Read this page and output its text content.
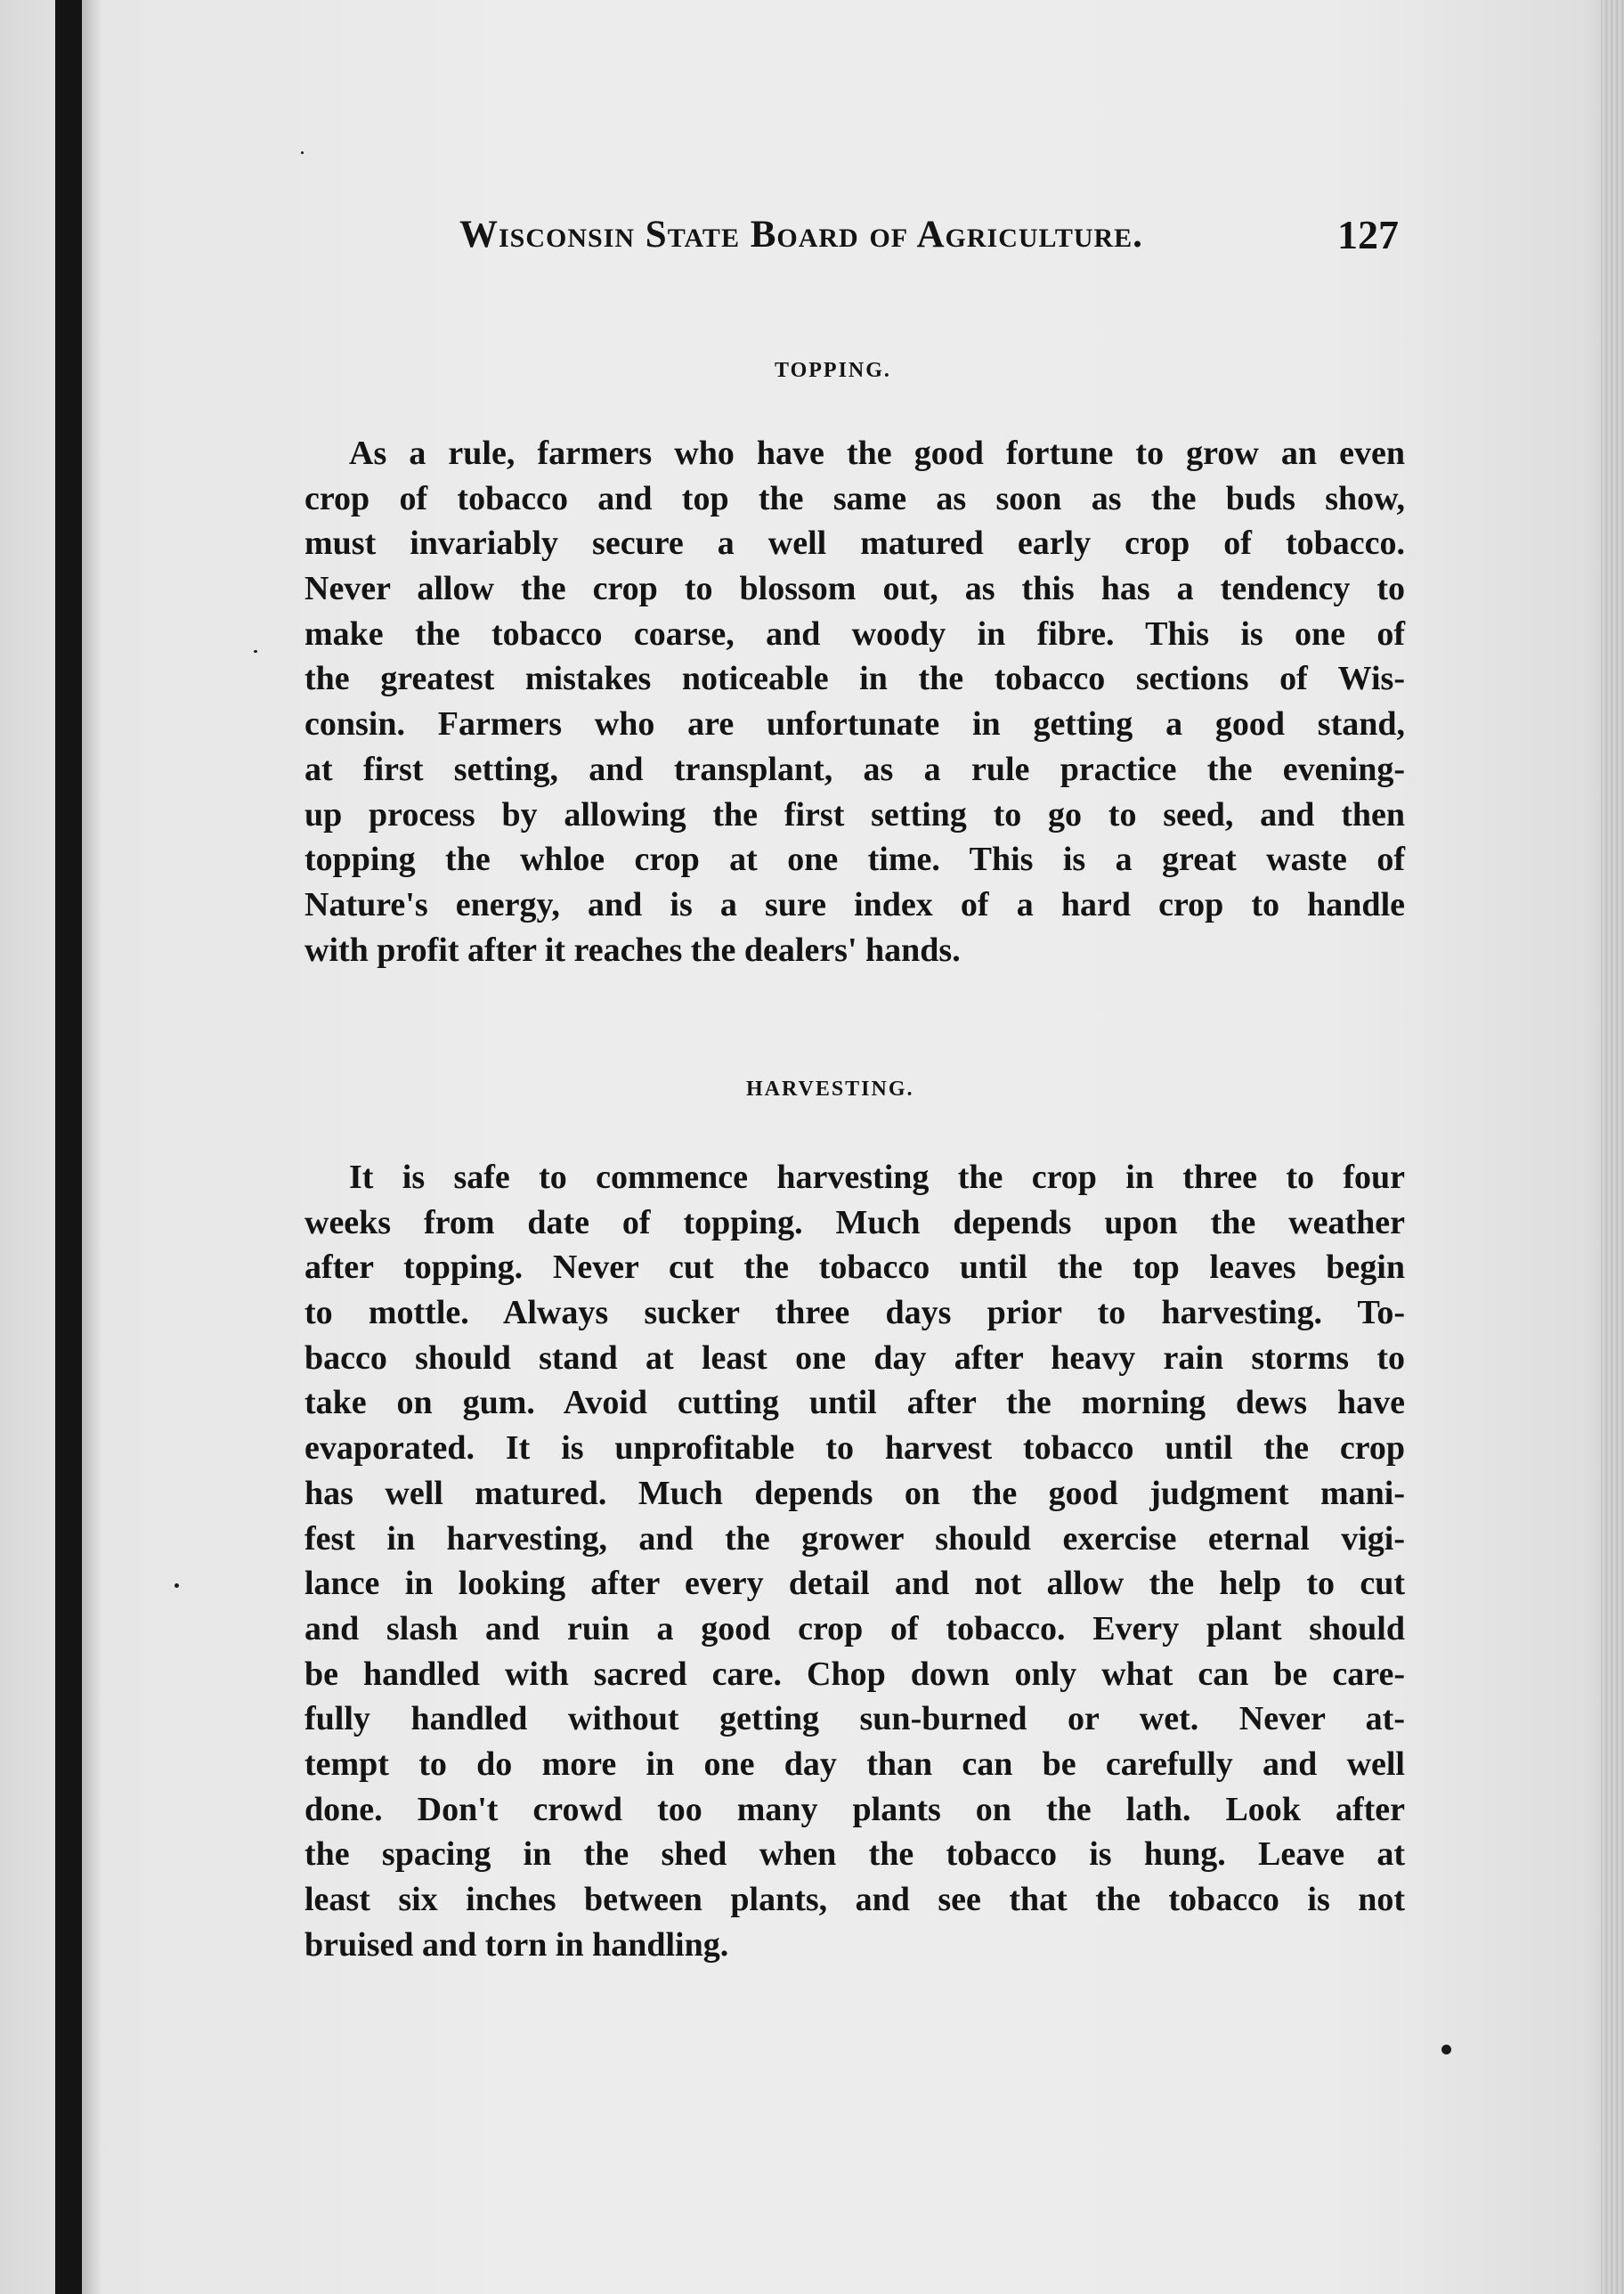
Wisconsin State Board of Agriculture.	127
TOPPING.
As a rule, farmers who have the good fortune to grow an even
crop of tobacco and top the same as soon as the buds show,
must invariably secure a well matured early crop of tobacco.
Never allow the crop to blossom out, as this has a tendency to
make the tobacco coarse, and woody in fibre. This is one of
the greatest mistakes noticeable in the tobacco sections of Wis-
consin. Farmers who are unfortunate in getting a good stand,
at first setting, and transplant, as a rule practice the evening-
up process by allowing the first setting to go to seed, and then
topping the whloe crop at one time. This is a great waste of
Nature's energy, and is a sure index of a hard crop to handle
with profit after it reaches the dealers' hands.
HARVESTING.
It is safe to commence harvesting the crop in three to four
weeks from date of topping. Much depends upon the weather
after topping. Never cut the tobacco until the top leaves begin
to mottle. Always sucker three days prior to harvesting. To-
bacco should stand at least one day after heavy rain storms to
take on gum. Avoid cutting until after the morning dews have
evaporated. It is unprofitable to harvest tobacco until the crop
has well matured. Much depends on the good judgment mani-
fest in harvesting, and the grower should exercise eternal vigi-
lance in looking after every detail and not allow the help to cut
and slash and ruin a good crop of tobacco. Every plant should
be handled with sacred care. Chop down only what can be care-
fully handled without getting sun-burned or wet. Never at-
tempt to do more in one day than can be carefully and well
done. Don't crowd too many plants on the lath. Look after
the spacing in the shed when the tobacco is hung. Leave at
least six inches between plants, and see that the tobacco is not
bruised and torn in handling.
